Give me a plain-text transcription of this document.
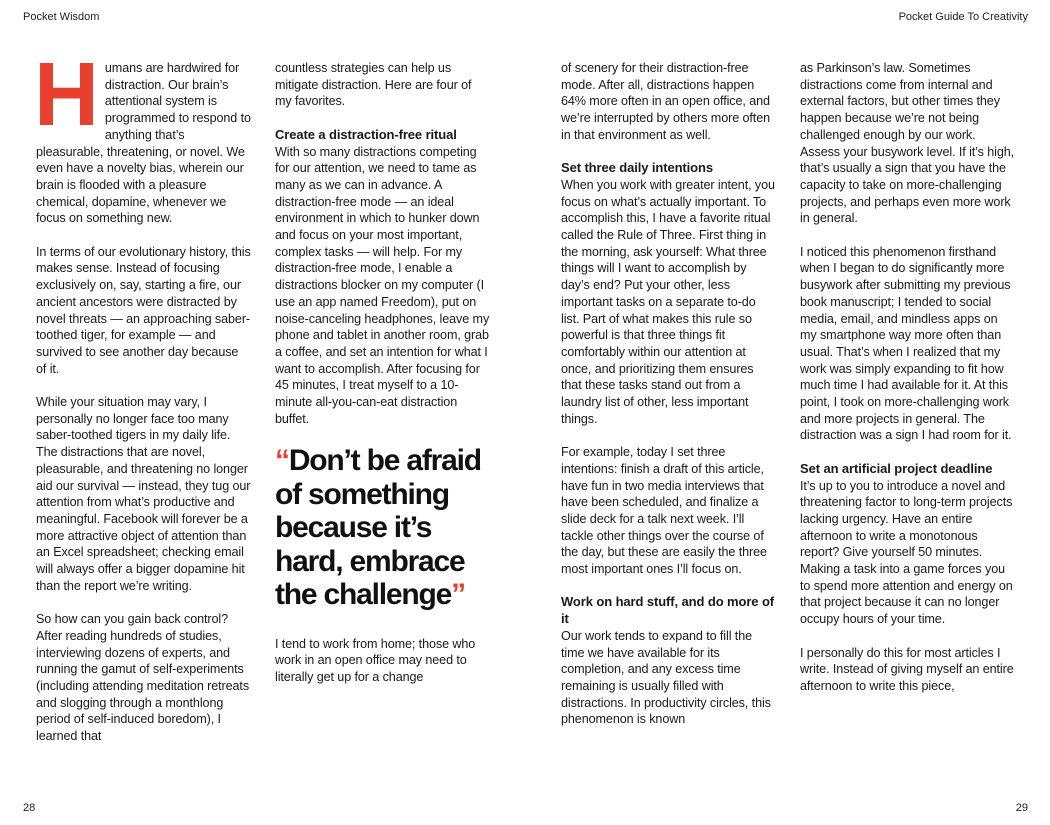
Pocket Wisdom	Pocket Guide To Creativity

Humans are hardwired for distraction. Our brain’s attentional system is programmed to respond to anything that’s pleasurable, threatening, or novel. We even have a novelty bias, wherein our brain is flooded with a pleasure chemical, dopamine, whenever we focus on something new.

In terms of our evolutionary history, this makes sense. Instead of focusing exclusively on, say, starting a fire, our ancient ancestors were distracted by novel threats — an approaching saber-toothed tiger, for example — and survived to see another day because of it.

While your situation may vary, I personally no longer face too many saber-toothed tigers in my daily life. The distractions that are novel, pleasurable, and threatening no longer aid our survival — instead, they tug our attention from what’s productive and meaningful. Facebook will forever be a more attractive object of attention than an Excel spreadsheet; checking email will always offer a bigger dopamine hit than the report we’re writing.

So how can you gain back control? After reading hundreds of studies, interviewing dozens of experts, and running the gamut of self-experiments (including attending meditation retreats and slogging through a monthlong period of self-induced boredom), I learned that

countless strategies can help us mitigate distraction. Here are four of my favorites.

Create a distraction-free ritual

With so many distractions competing for our attention, we need to tame as many as we can in advance. A distraction-free mode — an ideal environment in which to hunker down and focus on your most important, complex tasks — will help. For my distraction-free mode, I enable a distractions blocker on my computer (I use an app named Freedom), put on noise-canceling headphones, leave my phone and tablet in another room, grab a coffee, and set an intention for what I want to accomplish. After focusing for 45 minutes, I treat myself to a 10-minute all-you-can-eat distraction buffet.

“Don’t be afraid of something because it’s hard, embrace the challenge”

I tend to work from home; those who work in an open office may need to literally get up for a change

of scenery for their distraction-free mode. After all, distractions happen 64% more often in an open office, and we’re interrupted by others more often in that environment as well.

Set three daily intentions

When you work with greater intent, you focus on what’s actually important. To accomplish this, I have a favorite ritual called the Rule of Three. First thing in the morning, ask yourself: What three things will I want to accomplish by day’s end? Put your other, less important tasks on a separate to-do list. Part of what makes this rule so powerful is that three things fit comfortably within our attention at once, and prioritizing them ensures that these tasks stand out from a laundry list of other, less important things.

For example, today I set three intentions: finish a draft of this article, have fun in two media interviews that have been scheduled, and finalize a slide deck for a talk next week. I’ll tackle other things over the course of the day, but these are easily the three most important ones I’ll focus on.

Work on hard stuff, and do more of it

Our work tends to expand to fill the time we have available for its completion, and any excess time remaining is usually filled with distractions. In productivity circles, this phenomenon is known

as Parkinson’s law. Sometimes distractions come from internal and external factors, but other times they happen because we’re not being challenged enough by our work. Assess your busywork level. If it’s high, that’s usually a sign that you have the capacity to take on more-challenging projects, and perhaps even more work in general.

I noticed this phenomenon firsthand when I began to do significantly more busywork after submitting my previous book manuscript; I tended to social media, email, and mindless apps on my smartphone way more often than usual. That’s when I realized that my work was simply expanding to fit how much time I had available for it. At this point, I took on more-challenging work and more projects in general. The distraction was a sign I had room for it.

Set an artificial project deadline

It’s up to you to introduce a novel and threatening factor to long-term projects lacking urgency. Have an entire afternoon to write a monotonous report? Give yourself 50 minutes. Making a task into a game forces you to spend more attention and energy on that project because it can no longer occupy hours of your time.

I personally do this for most articles I write. Instead of giving myself an entire afternoon to write this piece,

28	29
